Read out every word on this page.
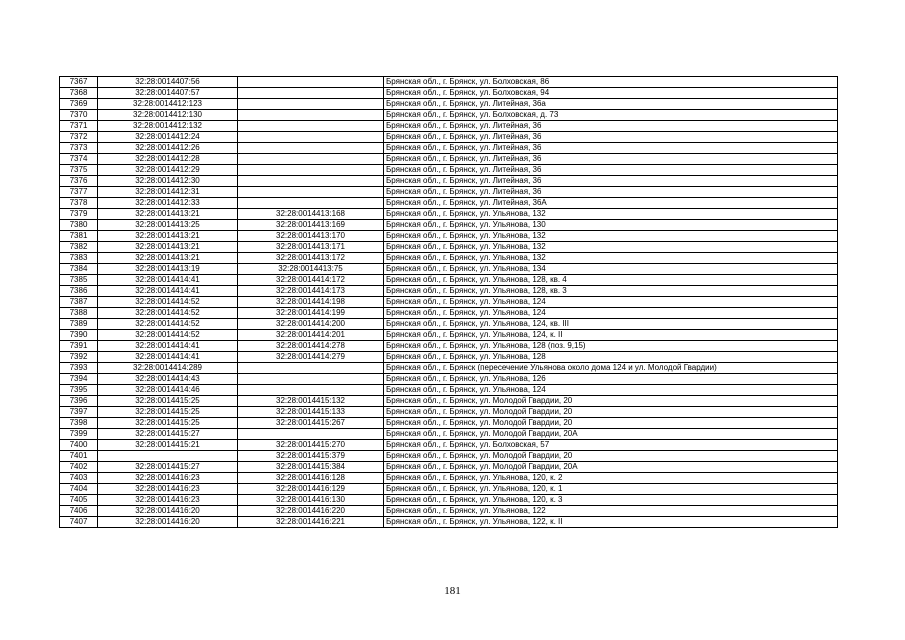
7367	32:28:0014407:56		Брянская обл., г. Брянск, ул. Болховская, 86
7368	32:28:0014407:57		Брянская обл., г. Брянск, ул. Болховская, 94
7369	32:28:0014412:123		Брянская обл., г. Брянск, ул. Литейная, 36а
7370	32:28:0014412:130		Брянская обл., г. Брянск, ул. Болховская, д. 73
7371	32:28:0014412:132		Брянская обл., г. Брянск, ул. Литейная, 36
7372	32:28:0014412:24		Брянская обл., г. Брянск, ул. Литейная, 36
7373	32:28:0014412:26		Брянская обл., г. Брянск, ул. Литейная, 36
7374	32:28:0014412:28		Брянская обл., г. Брянск, ул. Литейная, 36
7375	32:28:0014412:29		Брянская обл., г. Брянск, ул. Литейная, 36
7376	32:28:0014412:30		Брянская обл., г. Брянск, ул. Литейная, 36
7377	32:28:0014412:31		Брянская обл., г. Брянск, ул. Литейная, 36
7378	32:28:0014412:33		Брянская обл., г. Брянск, ул. Литейная, 36А
7379	32:28:0014413:21	32:28:0014413:168	Брянская обл., г. Брянск, ул. Ульянова, 132
7380	32:28:0014413:25	32:28:0014413:169	Брянская обл., г. Брянск, ул. Ульянова, 130
7381	32:28:0014413:21	32:28:0014413:170	Брянская обл., г. Брянск, ул. Ульянова, 132
7382	32:28:0014413:21	32:28:0014413:171	Брянская обл., г. Брянск, ул. Ульянова, 132
7383	32:28:0014413:21	32:28:0014413:172	Брянская обл., г. Брянск, ул. Ульянова, 132
7384	32:28:0014413:19	32:28:0014413:75	Брянская обл., г. Брянск, ул. Ульянова, 134
7385	32:28:0014414:41	32:28:0014414:172	Брянская обл., г. Брянск, ул. Ульянова, 128, кв. 4
7386	32:28:0014414:41	32:28:0014414:173	Брянская обл., г. Брянск, ул. Ульянова, 128, кв. 3
7387	32:28:0014414:52	32:28:0014414:198	Брянская обл., г. Брянск, ул. Ульянова, 124
7388	32:28:0014414:52	32:28:0014414:199	Брянская обл., г. Брянск, ул. Ульянова, 124
7389	32:28:0014414:52	32:28:0014414:200	Брянская обл., г. Брянск, ул. Ульянова, 124, кв. III
7390	32:28:0014414:52	32:28:0014414:201	Брянская обл., г. Брянск, ул. Ульянова, 124, к. II
7391	32:28:0014414:41	32:28:0014414:278	Брянская обл., г. Брянск, ул. Ульянова, 128 (поз. 9,15)
7392	32:28:0014414:41	32:28:0014414:279	Брянская обл., г. Брянск, ул. Ульянова, 128
7393	32:28:0014414:289		Брянская обл., г. Брянск (пересечение Ульянова около дома 124 и ул. Молодой Гвардии)
7394	32:28:0014414:43		Брянская обл., г. Брянск, ул. Ульянова, 126
7395	32:28:0014414:46		Брянская обл., г. Брянск, ул. Ульянова, 124
7396	32:28:0014415:25	32:28:0014415:132	Брянская обл., г. Брянск, ул. Молодой Гвардии, 20
7397	32:28:0014415:25	32:28:0014415:133	Брянская обл., г. Брянск, ул. Молодой Гвардии, 20
7398	32:28:0014415:25	32:28:0014415:267	Брянская обл., г. Брянск, ул. Молодой Гвардии, 20
7399	32:28:0014415:27		Брянская обл., г. Брянск, ул. Молодой Гвардии, 20А
7400	32:28:0014415:21	32:28:0014415:270	Брянская обл., г. Брянск, ул. Болховская, 57
7401		32:28:0014415:379	Брянская обл., г. Брянск, ул. Молодой Гвардии, 20
7402	32:28:0014415:27	32:28:0014415:384	Брянская обл., г. Брянск, ул. Молодой Гвардии, 20А
7403	32:28:0014416:23	32:28:0014416:128	Брянская обл., г. Брянск, ул. Ульянова, 120, к. 2
7404	32:28:0014416:23	32:28:0014416:129	Брянская обл., г. Брянск, ул. Ульянова, 120, к. 1
7405	32:28:0014416:23	32:28:0014416:130	Брянская обл., г. Брянск, ул. Ульянова, 120, к. 3
7406	32:28:0014416:20	32:28:0014416:220	Брянская обл., г. Брянск, ул. Ульянова, 122
7407	32:28:0014416:20	32:28:0014416:221	Брянская обл., г. Брянск, ул. Ульянова, 122, к. II
181
